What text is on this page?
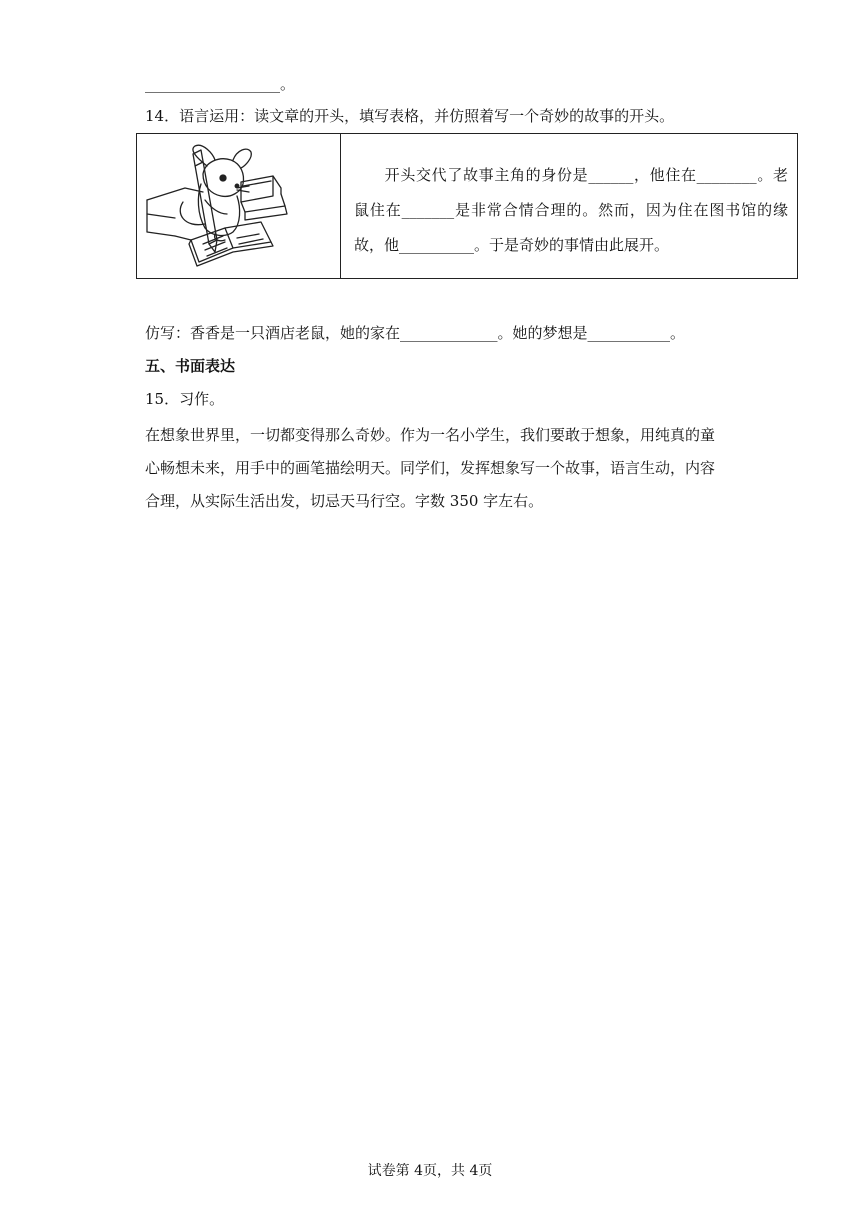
__________________。
14．语言运用：读文章的开头，填写表格，并仿照着写一个奇妙的故事的开头。
开头交代了故事主角的身份是______，他住在________。老鼠住在_______是非常合情合理的。然而，因为住在图书馆的缘故，他__________。于是奇妙的事情由此展开。
仿写：香香是一只酒店老鼠，她的家在_____________。她的梦想是___________。
五、书面表达
15．习作。
在想象世界里，一切都变得那么奇妙。作为一名小学生，我们要敢于想象，用纯真的童
心畅想未来，用手中的画笔描绘明天。同学们，发挥想象写一个故事，语言生动，内容
合理，从实际生活出发，切忌天马行空。字数 350 字左右。
试卷第 4页，共 4页
